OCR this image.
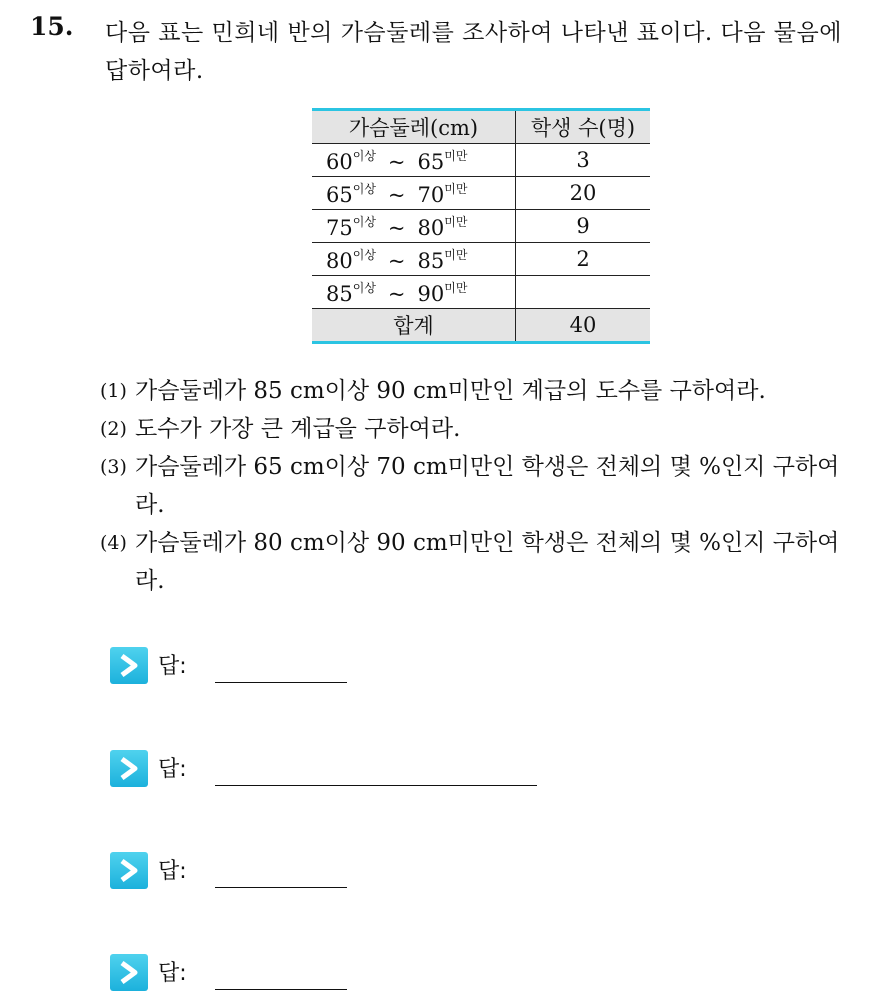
15. 다음 표는 민희네 반의 가슴둘레를 조사하여 나타낸 표이다. 다음 물음에 답하여라.
가슴둘레(cm)	학생 수(명)
$60^{이상}$ ~ $65^{미만}$	3
$65^{이상}$ ~ $70^{미만}$	20
$75^{이상}$ ~ $80^{미만}$	9
$80^{이상}$ ~ $85^{미만}$	2
$85^{이상}$ ~ $90^{미만}$	
합계	40
(1) 가슴둘레가 85 cm이상 90 cm미만인 계급의 도수를 구하여라.
(2) 도수가 가장 큰 계급을 구하여라.
(3) 가슴둘레가 65 cm이상 70 cm미만인 학생은 전체의 몇 %인지 구하여라.
(4) 가슴둘레가 80 cm이상 90 cm미만인 학생은 전체의 몇 %인지 구하여라.
답:
답:
답:
답:
